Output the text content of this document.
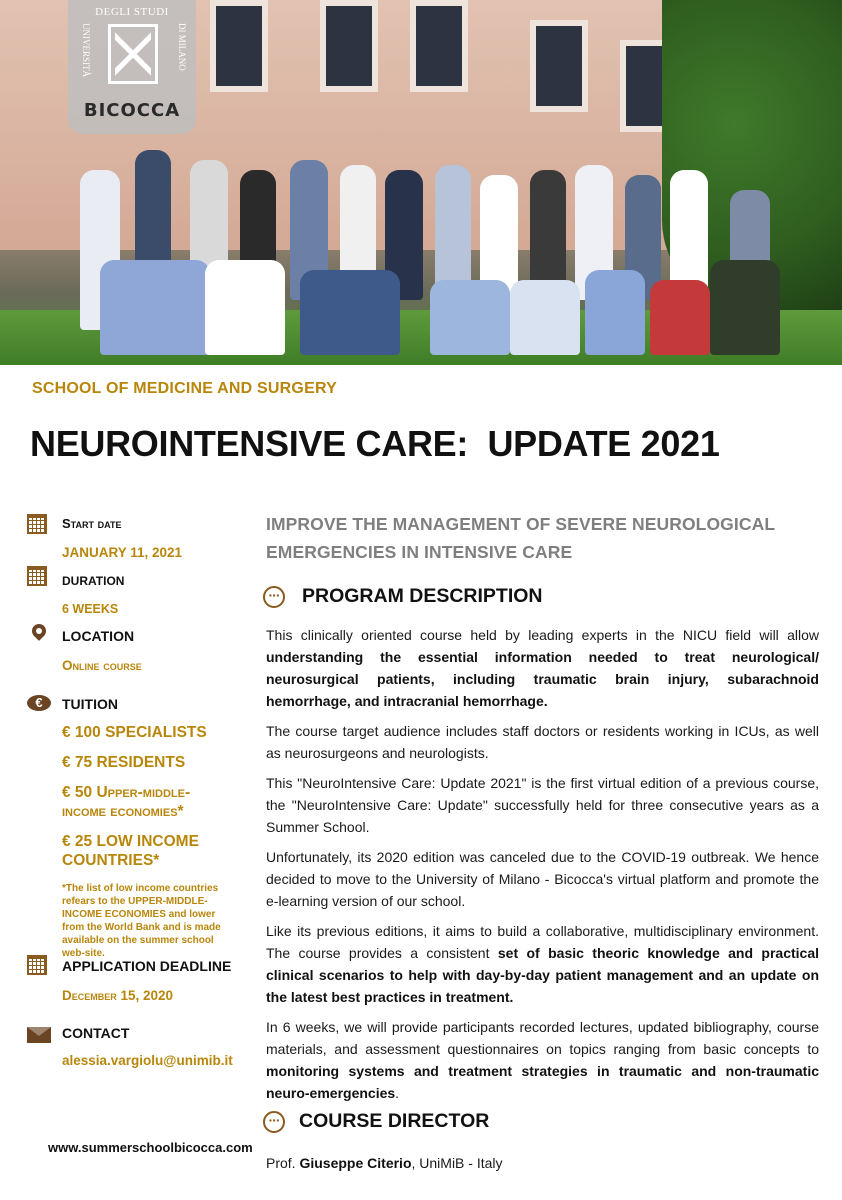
DEGLI STUDI
UNIVERSITÀ	DI MILANO
BICOCCA
SCHOOL OF MEDICINE AND SURGERY
NEUROINTENSIVE CARE:  UPDATE 2021
Start date
JANUARY 11, 2021
DURATION
6 WEEKS
LOCATION
Online course
€	TUITION
€ 100 SPECIALISTS
€ 75 RESIDENTS
€ 50 Upper-middle-income economies*
€ 25 LOW INCOME COUNTRIES*
*The list of low income countries refears to the UPPER-MIDDLE-INCOME ECONOMIES and lower from the World Bank and is made available on the summer school web-site.
APPLICATION DEADLINE
December 15, 2020
CONTACT
alessia.vargiolu@unimib.it
www.summerschoolbicocca.com
IMPROVE THE MANAGEMENT OF SEVERE NEUROLOGICAL
EMERGENCIES IN INTENSIVE CARE
··· PROGRAM DESCRIPTION

This clinically oriented course held by leading experts in the NICU field will allow understanding the essential information needed to treat neurological/ neurosurgical patients, including traumatic brain injury, subarachnoid hemorrhage, and intracranial hemorrhage.

The course target audience includes staff doctors or residents working in ICUs, as well as neurosurgeons and neurologists.

This "NeuroIntensive Care: Update 2021" is the first virtual edition of a previous course, the "NeuroIntensive Care: Update" successfully held for three consecutive years as a Summer School.

Unfortunately, its 2020 edition was canceled due to the COVID-19 outbreak. We hence decided to move to the University of Milano - Bicocca's virtual platform and promote the e-learning version of our school.

Like its previous editions, it aims to build a collaborative, multidisciplinary environment. The course provides a consistent set of basic theoric knowledge and practical clinical scenarios to help with day-by-day patient management and an update on the latest best practices in treatment.

In 6 weeks, we will provide participants recorded lectures, updated bibliography, course materials, and assessment questionnaires on topics ranging from basic concepts to monitoring systems and treatment strategies in traumatic and non-traumatic neuro-emergencies.

··· COURSE DIRECTOR

Prof. Giuseppe Citerio, UniMiB - Italy
